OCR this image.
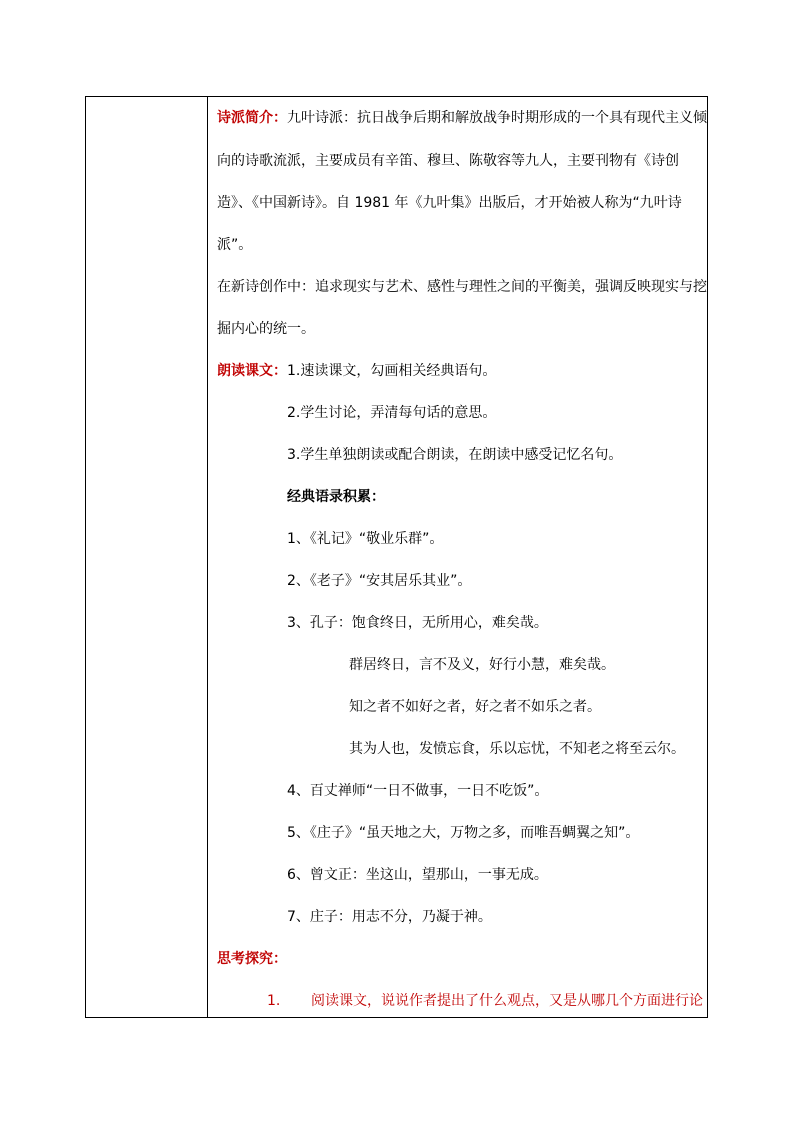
诗派简介：九叶诗派：抗日战争后期和解放战争时期形成的一个具有现代主义倾
向的诗歌流派，主要成员有辛笛、穆旦、陈敬容等九人，主要刊物有《诗创
造》、《中国新诗》。自 1981 年《九叶集》出版后，才开始被人称为“九叶诗
派”。
在新诗创作中：追求现实与艺术、感性与理性之间的平衡美，强调反映现实与挖
掘内心的统一。
朗读课文：1.速读课文，勾画相关经典语句。
2.学生讨论，弄清每句话的意思。
3.学生单独朗读或配合朗读，在朗读中感受记忆名句。
经典语录积累：
1、《礼记》“敬业乐群”。
2、《老子》“安其居乐其业”。
3、孔子：饱食终日，无所用心，难矣哉。
群居终日，言不及义，好行小慧，难矣哉。
知之者不如好之者，好之者不如乐之者。
其为人也，发愤忘食，乐以忘忧，不知老之将至云尔。
4、百丈禅师“一日不做事，一日不吃饭”。
5、《庄子》“虽天地之大，万物之多，而唯吾蜩翼之知”。
6、曾文正：坐这山，望那山，一事无成。
7、庄子：用志不分，乃凝于神。
思考探究：
1. 阅读课文，说说作者提出了什么观点，又是从哪几个方面进行论
